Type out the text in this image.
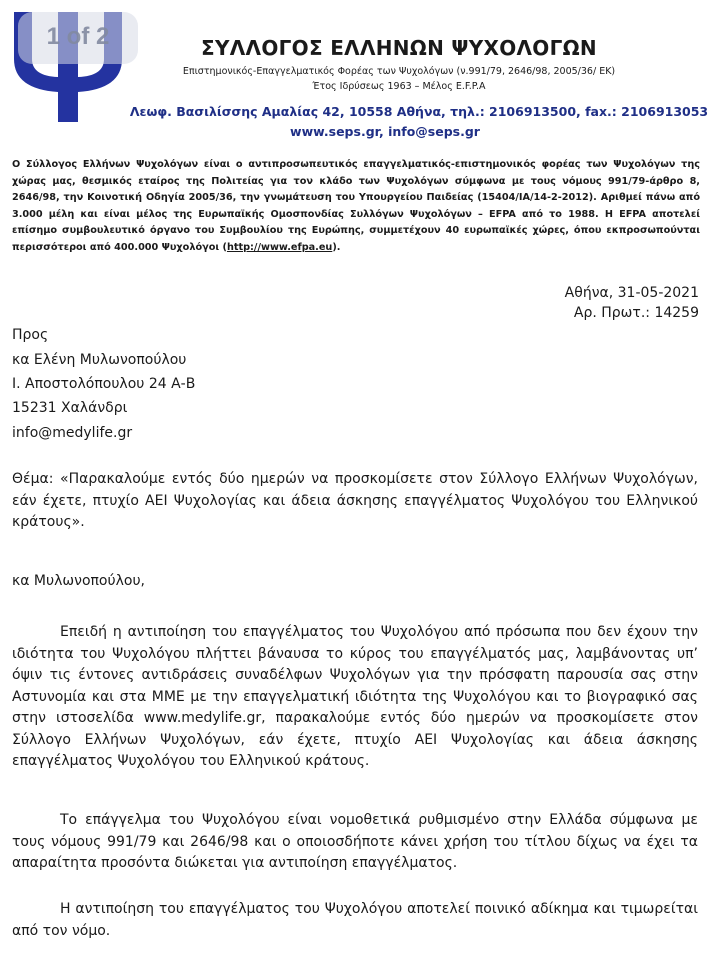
1 of 2	ΣΥΛΛΟΓΟΣ ΕΛΛΗΝΩΝ ΨΥΧΟΛΟΓΩΝ
Επιστημονικός-Επαγγελματικός Φορέας των Ψυχολόγων (ν.991/79, 2646/98, 2005/36/ ΕΚ)
Έτος Ιδρύσεως 1963 – Μέλος Ε.F.P.A
Λεωφ. Βασιλίσσης Αμαλίας 42, 10558 Αθήνα, τηλ.: 2106913500, fax.: 2106913053
www.seps.gr, info@seps.gr
Ο Σύλλογος Ελλήνων Ψυχολόγων είναι ο αντιπροσωπευτικός επαγγελματικός-επιστημονικός φορέας των Ψυχολόγων της χώρας μας, θεσμικός εταίρος της Πολιτείας για τον κλάδο των Ψυχολόγων σύμφωνα με τους νόμους 991/79-άρθρο 8, 2646/98, την Κοινοτική Οδηγία 2005/36, την γνωμάτευση του Υπουργείου Παιδείας (15404/ΙΑ/14-2-2012). Αριθμεί πάνω από 3.000 μέλη και είναι μέλος της Ευρωπαϊκής Ομοσπονδίας Συλλόγων Ψυχολόγων – EFPA από το 1988. Η EFPA αποτελεί επίσημο συμβουλευτικό όργανο του Συμβουλίου της Ευρώπης, συμμετέχουν 40 ευρωπαϊκές χώρες, όπου εκπροσωπούνται περισσότεροι από 400.000 Ψυχολόγοι (http://www.efpa.eu).
Αθήνα, 31-05-2021
Αρ. Πρωτ.: 14259
Προς
κα Ελένη Μυλωνοπούλου
Ι. Αποστολόπουλου 24 Α-Β
15231 Χαλάνδρι
info@medylife.gr
Θέμα: «Παρακαλούμε εντός δύο ημερών να προσκομίσετε στον Σύλλογο Ελλήνων Ψυχολόγων, εάν έχετε, πτυχίο ΑΕΙ Ψυχολογίας και άδεια άσκησης επαγγέλματος Ψυχολόγου του Ελληνικού κράτους».
κα Μυλωνοπούλου,
Επειδή η αντιποίηση του επαγγέλματος του Ψυχολόγου από πρόσωπα που δεν έχουν την ιδιότητα του Ψυχολόγου πλήττει βάναυσα το κύρος του επαγγέλματός μας, λαμβάνοντας υπ’ όψιν τις έντονες αντιδράσεις συναδέλφων Ψυχολόγων για την πρόσφατη παρουσία σας στην Αστυνομία και στα ΜΜΕ με την επαγγελματική ιδιότητα της Ψυχολόγου και το βιογραφικό σας στην ιστοσελίδα www.medylife.gr, παρακαλούμε εντός δύο ημερών να προσκομίσετε στον Σύλλογο Ελλήνων Ψυχολόγων, εάν έχετε, πτυχίο ΑΕΙ Ψυχολογίας και άδεια άσκησης επαγγέλματος Ψυχολόγου του Ελληνικού κράτους.
Το επάγγελμα του Ψυχολόγου είναι νομοθετικά ρυθμισμένο στην Ελλάδα σύμφωνα με τους νόμους 991/79 και 2646/98 και ο οποιοσδήποτε κάνει χρήση του τίτλου δίχως να έχει τα απαραίτητα προσόντα διώκεται για αντιποίηση επαγγέλματος.
Η αντιποίηση του επαγγέλματος του Ψυχολόγου αποτελεί ποινικό αδίκημα και τιμωρείται από τον νόμο.
